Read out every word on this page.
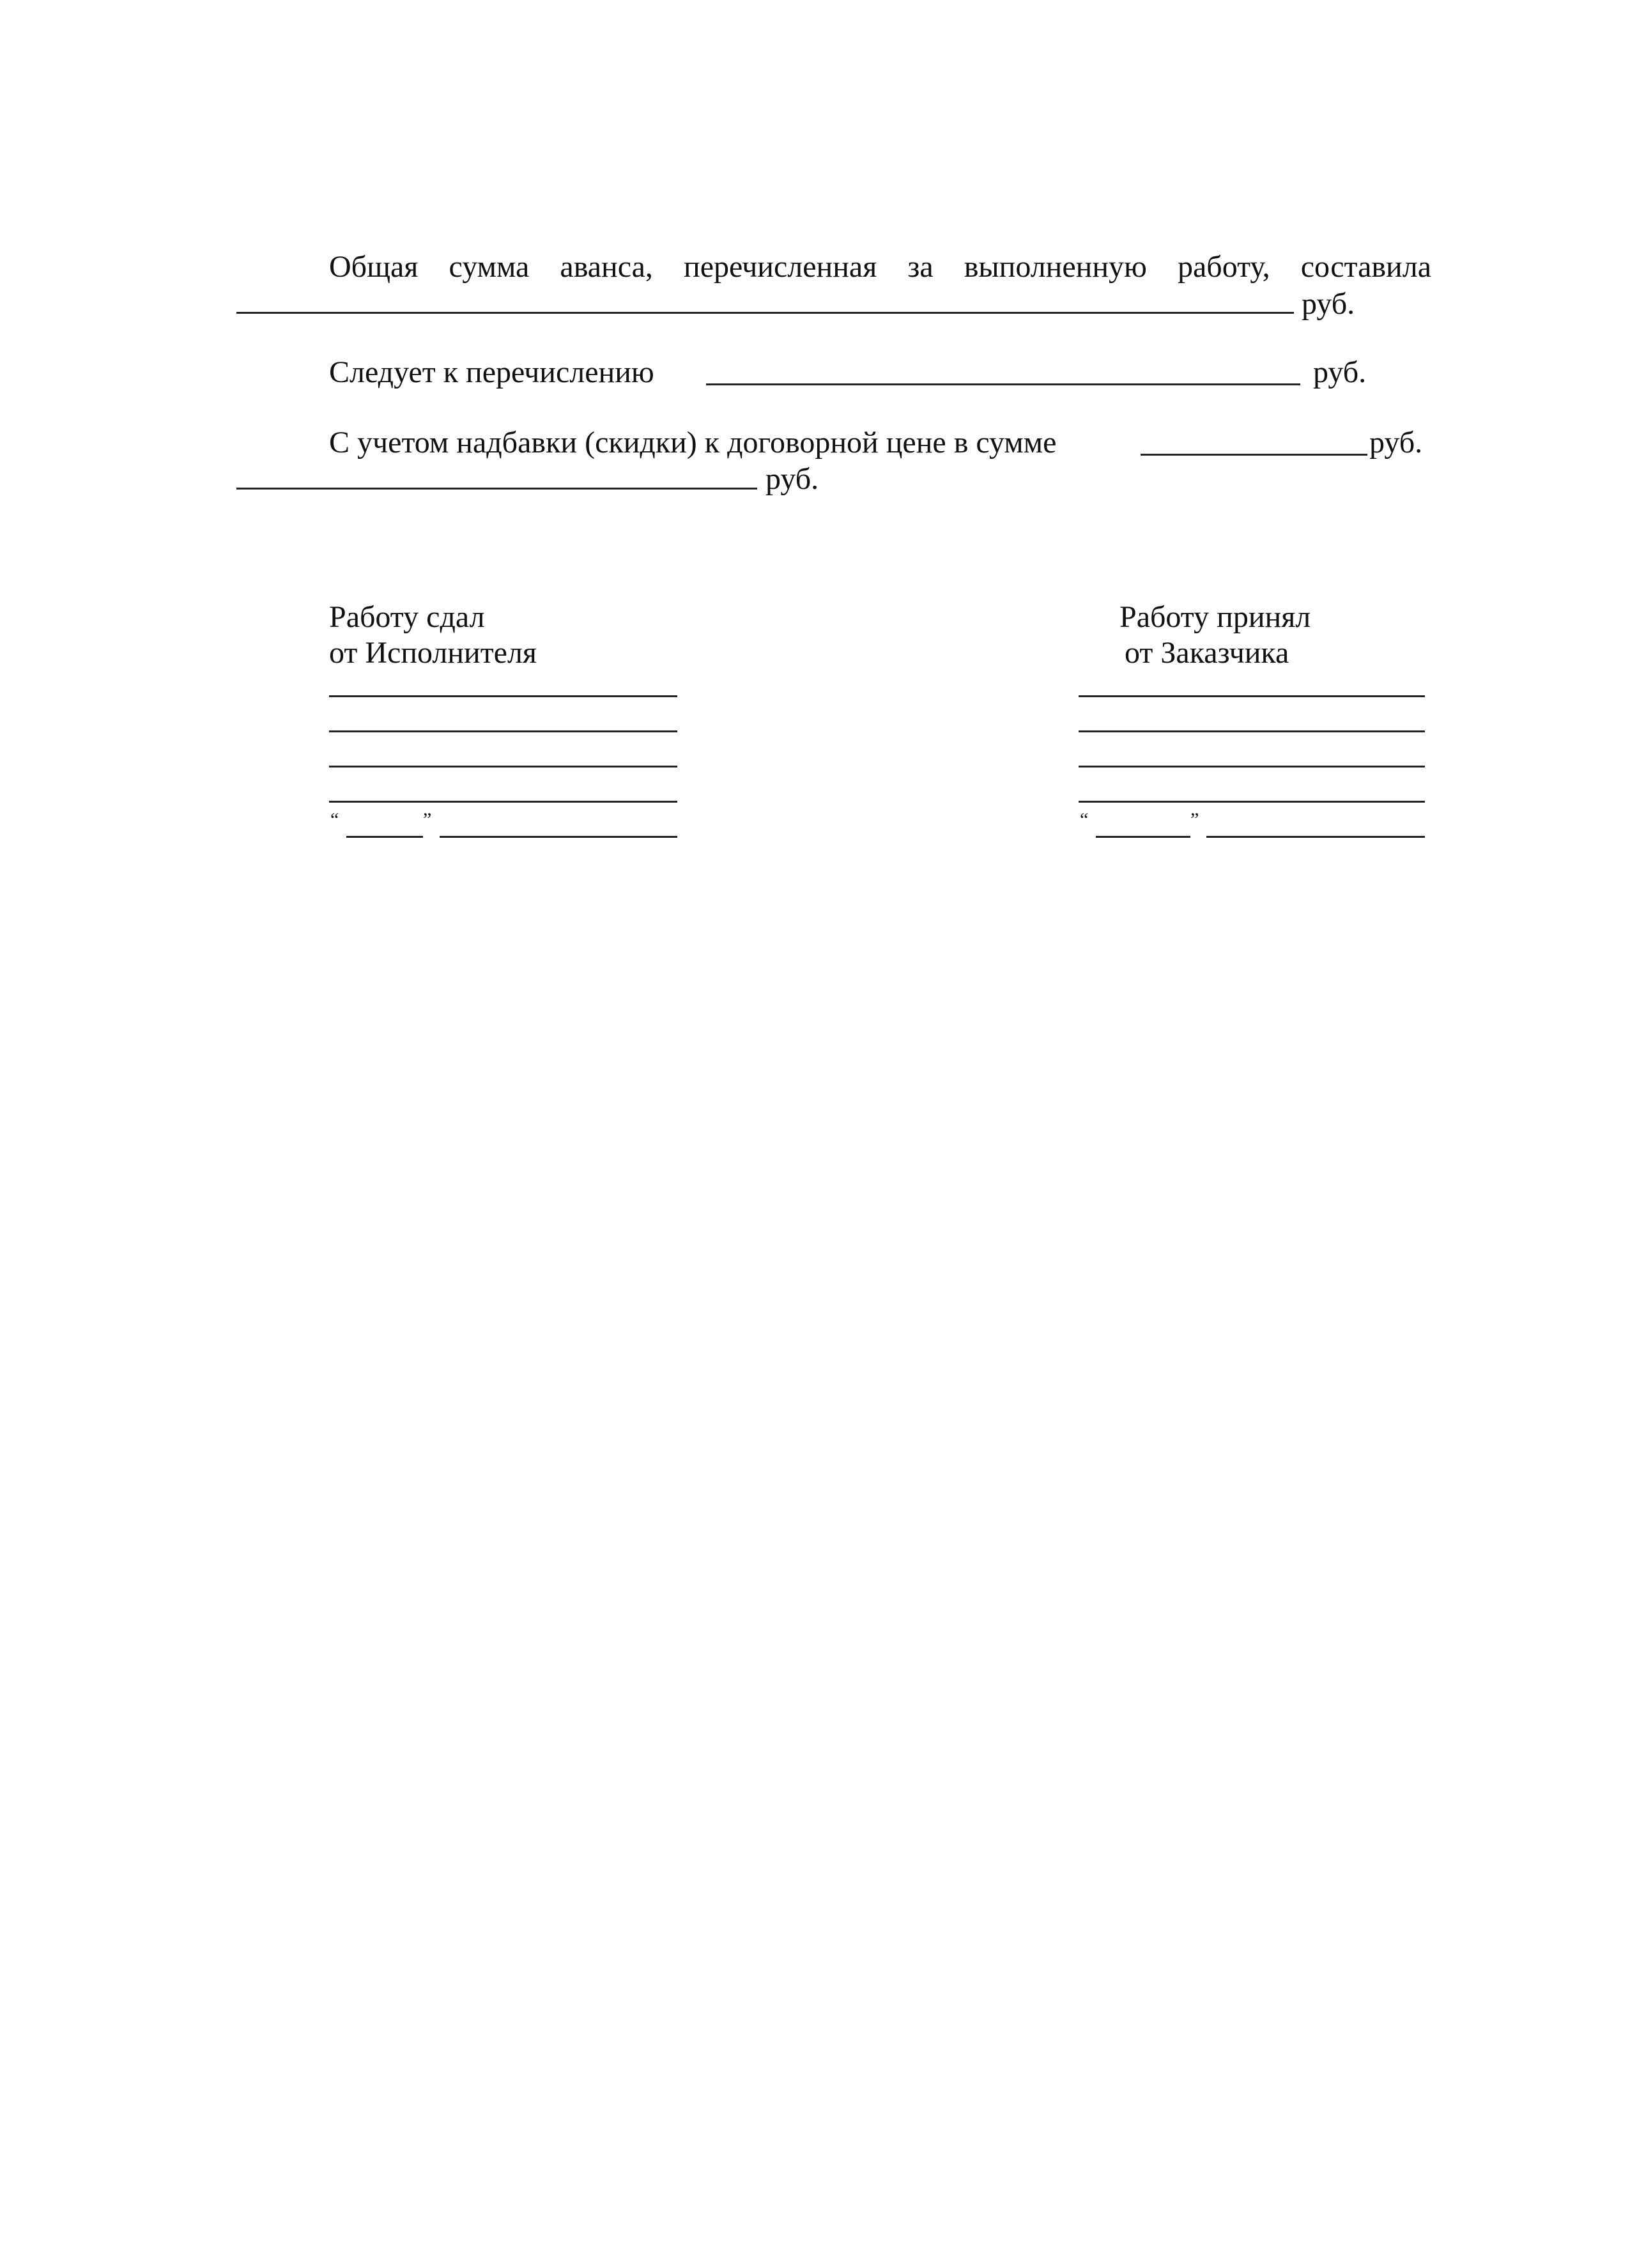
Общая сумма аванса, перечисленная за выполненную работу, составила
руб.
Следует к перечислению	руб.
С учетом надбавки (скидки) к договорной цене в сумме	руб.
руб.
Работу сдал
от Исполнителя
“	”
Работу принял
от Заказчика
“	”
